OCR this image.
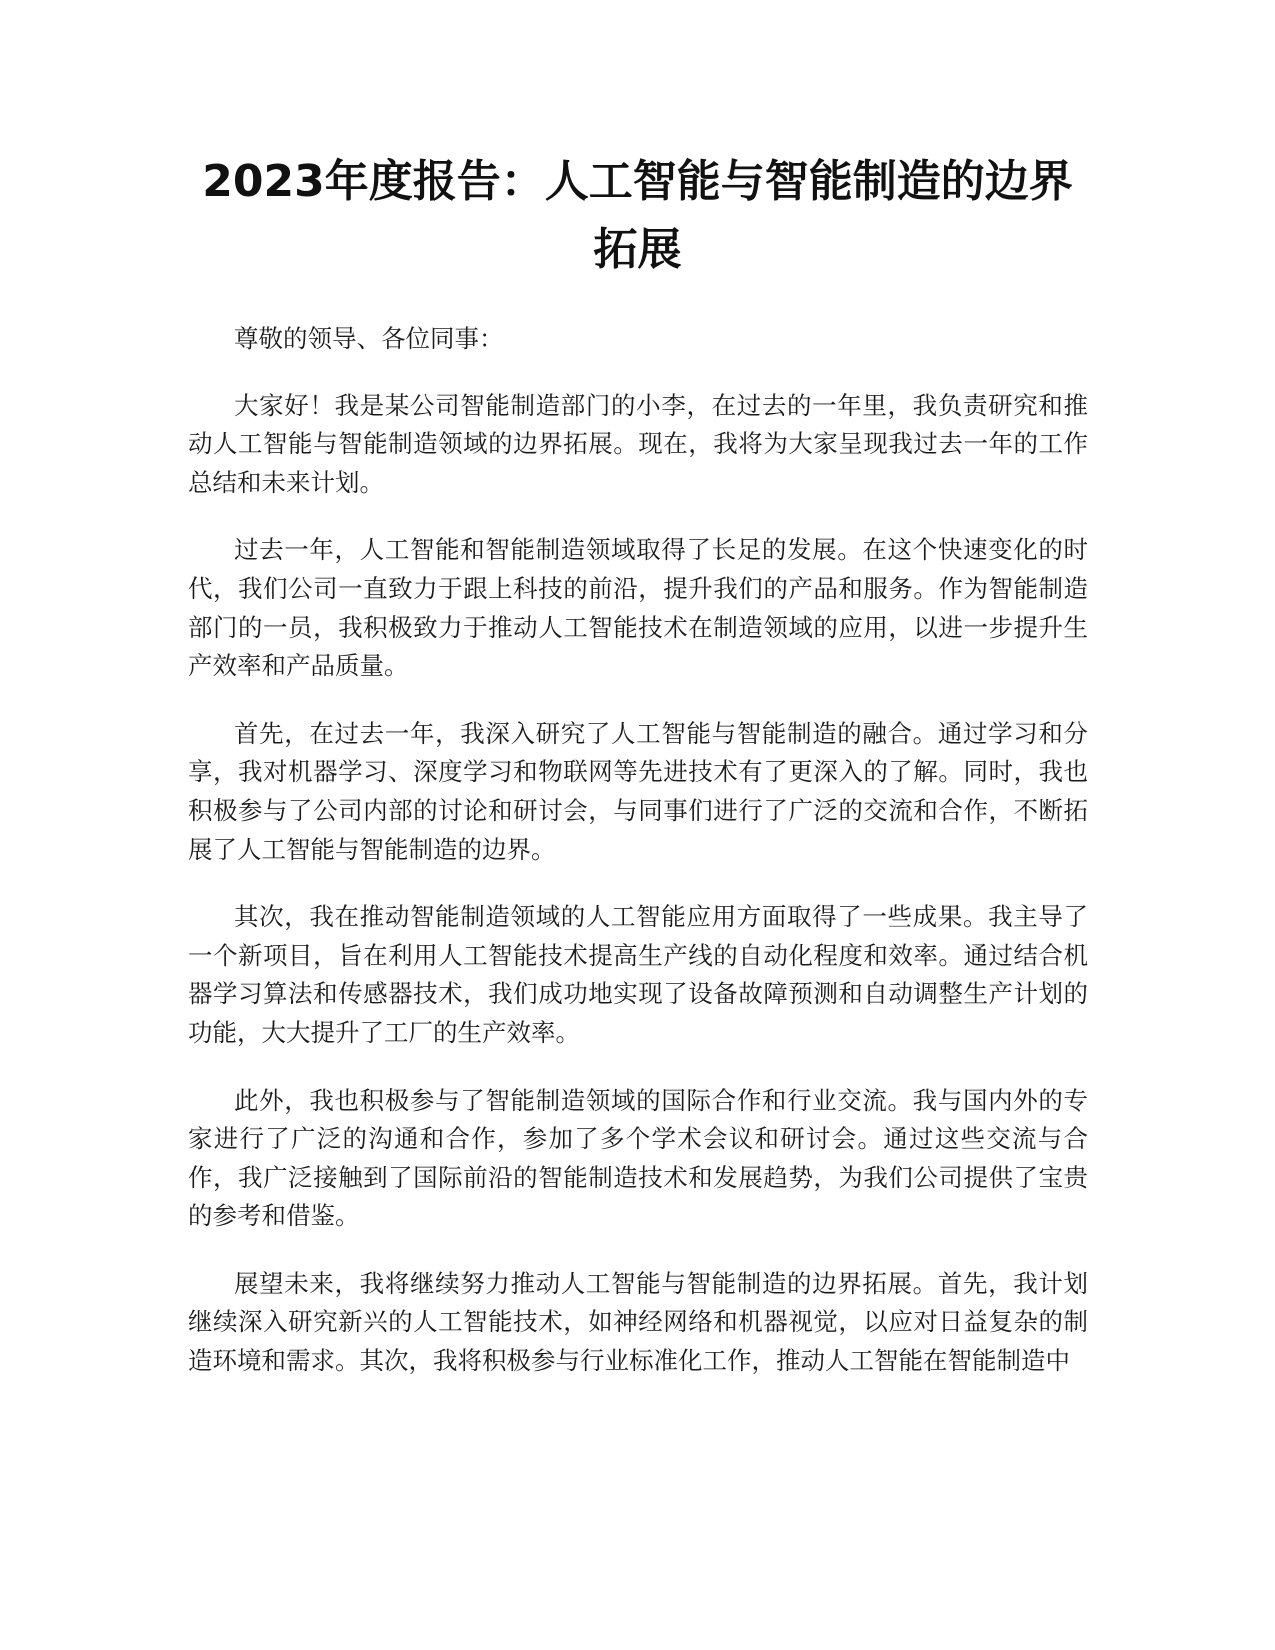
2023年度报告：人工智能与智能制造的边界
拓展

尊敬的领导、各位同事：

大家好！我是某公司智能制造部门的小李，在过去的一年里，我负责研究和推动人工智能与智能制造领域的边界拓展。现在，我将为大家呈现我过去一年的工作总结和未来计划。

过去一年，人工智能和智能制造领域取得了长足的发展。在这个快速变化的时代，我们公司一直致力于跟上科技的前沿，提升我们的产品和服务。作为智能制造部门的一员，我积极致力于推动人工智能技术在制造领域的应用，以进一步提升生产效率和产品质量。

首先，在过去一年，我深入研究了人工智能与智能制造的融合。通过学习和分享，我对机器学习、深度学习和物联网等先进技术有了更深入的了解。同时，我也积极参与了公司内部的讨论和研讨会，与同事们进行了广泛的交流和合作，不断拓展了人工智能与智能制造的边界。

其次，我在推动智能制造领域的人工智能应用方面取得了一些成果。我主导了一个新项目，旨在利用人工智能技术提高生产线的自动化程度和效率。通过结合机器学习算法和传感器技术，我们成功地实现了设备故障预测和自动调整生产计划的功能，大大提升了工厂的生产效率。

此外，我也积极参与了智能制造领域的国际合作和行业交流。我与国内外的专家进行了广泛的沟通和合作，参加了多个学术会议和研讨会。通过这些交流与合作，我广泛接触到了国际前沿的智能制造技术和发展趋势，为我们公司提供了宝贵的参考和借鉴。

展望未来，我将继续努力推动人工智能与智能制造的边界拓展。首先，我计划继续深入研究新兴的人工智能技术，如神经网络和机器视觉，以应对日益复杂的制造环境和需求。其次，我将积极参与行业标准化工作，推动人工智能在智能制造中
